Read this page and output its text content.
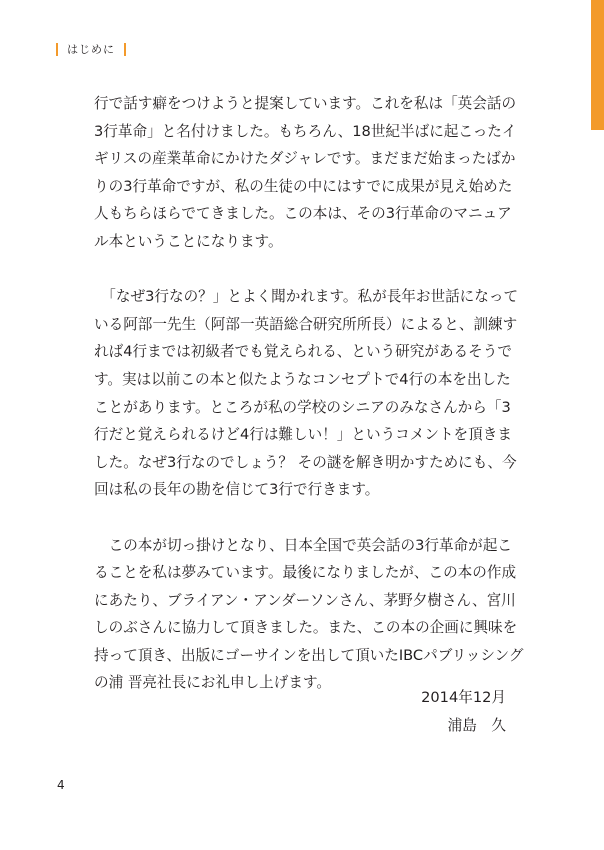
はじめに

行で話す癖をつけようと提案しています。これを私は「英会話の3行革命」と名付けました。もちろん、18世紀半ばに起こったイギリスの産業革命にかけたダジャレです。まだまだ始まったばかりの3行革命ですが、私の生徒の中にはすでに成果が見え始めた人もちらほらでてきました。この本は、その3行革命のマニュアル本ということになります。

　「なぜ3行なの？」とよく聞かれます。私が長年お世話になっている阿部一先生（阿部一英語総合研究所所長）によると、訓練すれば4行までは初級者でも覚えられる、という研究があるそうです。実は以前この本と似たようなコンセプトで4行の本を出したことがあります。ところが私の学校のシニアのみなさんから「3行だと覚えられるけど4行は難しい！」というコメントを頂きました。なぜ3行なのでしょう？ その謎を解き明かすためにも、今回は私の長年の勘を信じて3行で行きます。

　この本が切っ掛けとなり、日本全国で英会話の3行革命が起こることを私は夢みています。最後になりましたが、この本の作成にあたり、ブライアン・アンダーソンさん、茅野夕樹さん、宮川しのぶさんに協力して頂きました。また、この本の企画に興味を持って頂き、出版にゴーサインを出して頂いたIBCパブリッシングの浦 晋亮社長にお礼申し上げます。

2014年12月
浦島　久
4
